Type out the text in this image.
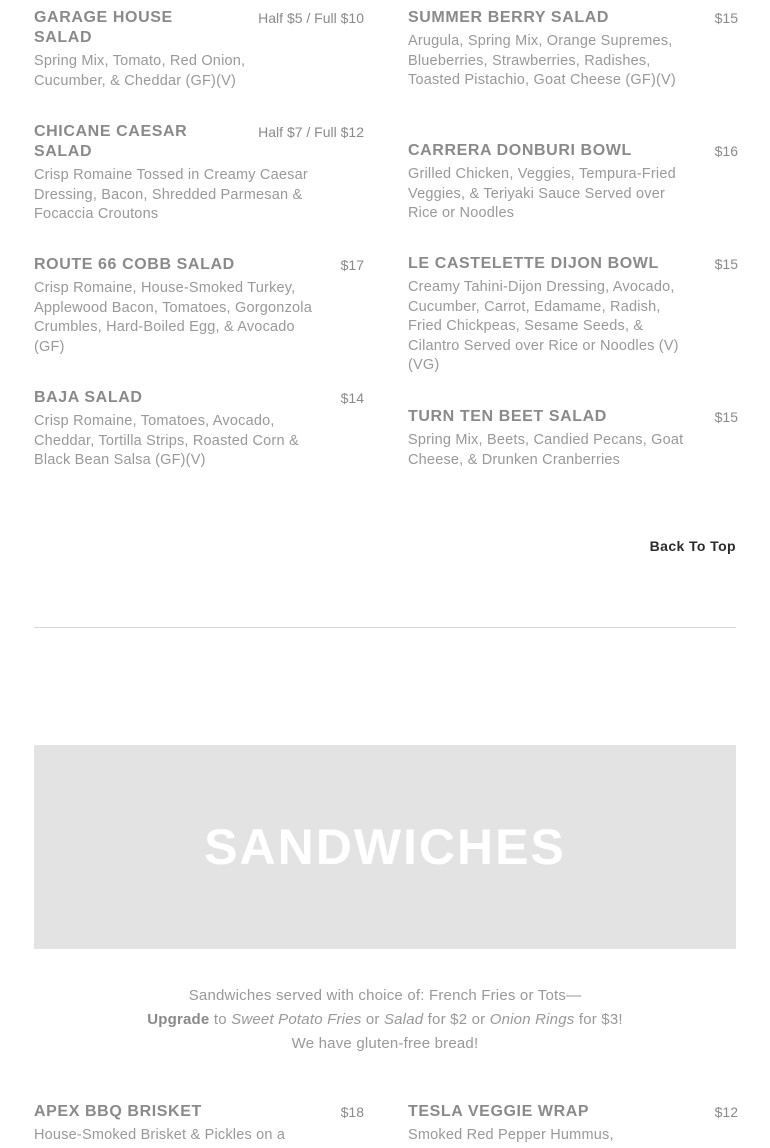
GARAGE HOUSE SALAD
Half $5 / Full $10
Spring Mix, Tomato, Red Onion, Cucumber, & Cheddar (GF)(V)
CHICANE CAESAR SALAD
Half $7 / Full $12
Crisp Romaine Tossed in Creamy Caesar Dressing, Bacon, Shredded Parmesan & Focaccia Croutons
ROUTE 66 COBB SALAD	$17
Crisp Romaine, House-Smoked Turkey, Applewood Bacon, Tomatoes, Gorgonzola Crumbles, Hard-Boiled Egg, & Avocado (GF)
BAJA SALAD	$14
Crisp Romaine, Tomatoes, Avocado, Cheddar, Tortilla Strips, Roasted Corn & Black Bean Salsa (GF)(V)
SUMMER BERRY SALAD	$15
Arugula, Spring Mix, Orange Supremes, Blueberries, Strawberries, Radishes, Toasted Pistachio, Goat Cheese (GF)(V)
CARRERA DONBURI BOWL	$16
Grilled Chicken, Veggies, Tempura-Fried Veggies, & Teriyaki Sauce Served over Rice or Noodles
LE CASTELETTE DIJON BOWL	$15
Creamy Tahini-Dijon Dressing, Avocado, Cucumber, Carrot, Edamame, Radish, Fried Chickpeas, Sesame Seeds, & Cilantro Served over Rice or Noodles (V)(VG)
TURN TEN BEET SALAD	$15
Spring Mix, Beets, Candied Pecans, Goat Cheese, & Drunken Cranberries
Back To Top
SANDWICHES
Sandwiches served with choice of: French Fries or Tots—
Upgrade to Sweet Potato Fries or Salad for $2 or Onion Rings for $3!
We have gluten-free bread!
APEX BBQ BRISKET	$18
House-Smoked Brisket & Pickles on a
TESLA VEGGIE WRAP	$12
Smoked Red Pepper Hummus,
